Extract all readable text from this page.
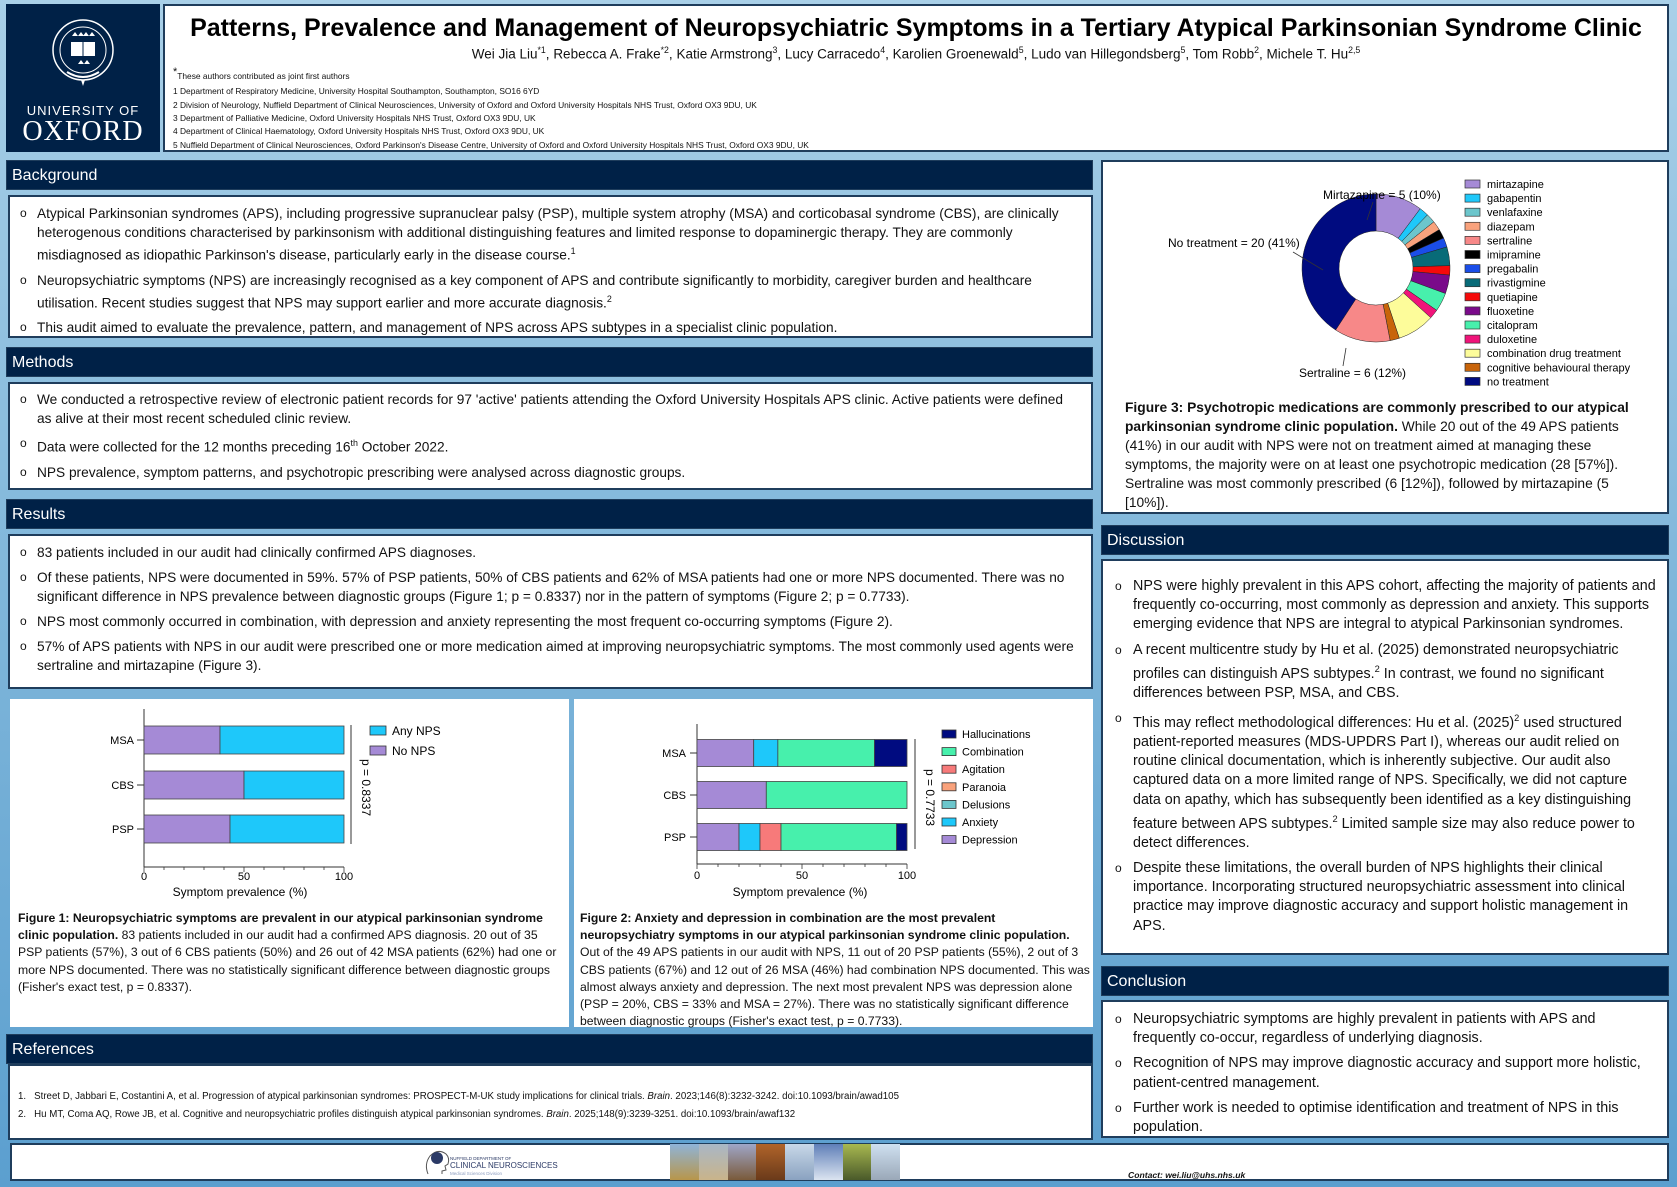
UNIVERSITY OF
OXFORD
Patterns, Prevalence and Management of Neuropsychiatric Symptoms in a Tertiary Atypical Parkinsonian Syndrome Clinic
Wei Jia Liu$^{*1}$, Rebecca A. Frake$^{*2}$, Katie Armstrong$^3$, Lucy Carracedo$^4$, Karolien Groenewald$^5$, Ludo van Hillegondsberg$^5$, Tom Robb$^2$, Michele T. Hu$^{2,5}$
*These authors contributed as joint first authors
1 Department of Respiratory Medicine, University Hospital Southampton, Southampton, SO16 6YD
2 Division of Neurology, Nuffield Department of Clinical Neurosciences, University of Oxford and Oxford University Hospitals NHS Trust, Oxford OX3 9DU, UK
3 Department of Palliative Medicine, Oxford University Hospitals NHS Trust, Oxford OX3 9DU, UK
4 Department of Clinical Haematology, Oxford University Hospitals NHS Trust, Oxford OX3 9DU, UK
5 Nuffield Department of Clinical Neurosciences, Oxford Parkinson's Disease Centre, University of Oxford and Oxford University Hospitals NHS Trust, Oxford OX3 9DU, UK
Background
o Atypical Parkinsonian syndromes (APS), including progressive supranuclear palsy (PSP), multiple system atrophy (MSA) and corticobasal syndrome (CBS), are clinically heterogenous conditions characterised by parkinsonism with additional distinguishing features and limited response to dopaminergic therapy. They are commonly misdiagnosed as idiopathic Parkinson's disease, particularly early in the disease course.$^1$
o Neuropsychiatric symptoms (NPS) are increasingly recognised as a key component of APS and contribute significantly to morbidity, caregiver burden and healthcare utilisation. Recent studies suggest that NPS may support earlier and more accurate diagnosis.$^2$
o This audit aimed to evaluate the prevalence, pattern, and management of NPS across APS subtypes in a specialist clinic population.
Methods
o We conducted a retrospective review of electronic patient records for 97 'active' patients attending the Oxford University Hospitals APS clinic. Active patients were defined as alive at their most recent scheduled clinic review.
o Data were collected for the 12 months preceding 16th October 2022.
o NPS prevalence, symptom patterns, and psychotropic prescribing were analysed across diagnostic groups.
Results
o 83 patients included in our audit had clinically confirmed APS diagnoses.
o Of these patients, NPS were documented in 59%. 57% of PSP patients, 50% of CBS patients and 62% of MSA patients had one or more NPS documented. There was no significant difference in NPS prevalence between diagnostic groups (Figure 1; p = 0.8337) nor in the pattern of symptoms (Figure 2; p = 0.7733).
o NPS most commonly occurred in combination, with depression and anxiety representing the most frequent co-occurring symptoms (Figure 2).
o 57% of APS patients with NPS in our audit were prescribed one or more medication aimed at improving neuropsychiatric symptoms. The most commonly used agents were sertraline and mirtazapine (Figure 3).
MSA
CBS
PSP
0	50	100
Symptom prevalence (%)
p = 0.8337
Any NPS
No NPS
Figure 1: Neuropsychiatric symptoms are prevalent in our atypical parkinsonian syndrome clinic population. 83 patients included in our audit had a confirmed APS diagnosis. 20 out of 35 PSP patients (57%), 3 out of 6 CBS patients (50%) and 26 out of 42 MSA patients (62%) had one or more NPS documented. There was no statistically significant difference between diagnostic groups (Fisher's exact test, p = 0.8337).
MSA
CBS
PSP
0	50	100
Symptom prevalence (%)
p = 0.7733
Hallucinations
Combination
Agitation
Paranoia
Delusions
Anxiety
Depression
Figure 2: Anxiety and depression in combination are the most prevalent neuropsychiatry symptoms in our atypical parkinsonian syndrome clinic population. Out of the 49 APS patients in our audit with NPS, 11 out of 20 PSP patients (55%), 2 out of 3 CBS patients (67%) and 12 out of 26 MSA (46%) had combination NPS documented. This was almost always anxiety and depression. The next most prevalent NPS was depression alone (PSP = 20%, CBS = 33% and MSA = 27%). There was no statistically significant difference between diagnostic groups (Fisher's exact test, p = 0.7733).
Mirtazapine = 5 (10%)
No treatment = 20 (41%)
Sertraline = 6 (12%)
mirtazapine
gabapentin
venlafaxine
diazepam
sertraline
imipramine
pregabalin
rivastigmine
quetiapine
fluoxetine
citalopram
duloxetine
combination drug treatment
cognitive behavioural therapy
no treatment
Figure 3: Psychotropic medications are commonly prescribed to our atypical parkinsonian syndrome clinic population. While 20 out of the 49 APS patients (41%) in our audit with NPS were not on treatment aimed at managing these symptoms, the majority were on at least one psychotropic medication (28 [57%]). Sertraline was most commonly prescribed (6 [12%]), followed by mirtazapine (5 [10%]).
Discussion
o NPS were highly prevalent in this APS cohort, affecting the majority of patients and frequently co-occurring, most commonly as depression and anxiety. This supports emerging evidence that NPS are integral to atypical Parkinsonian syndromes.
o A recent multicentre study by Hu et al. (2025) demonstrated neuropsychiatric profiles can distinguish APS subtypes.$^2$ In contrast, we found no significant differences between PSP, MSA, and CBS.
o This may reflect methodological differences: Hu et al. $(2025)^2$ used structured patient-reported measures (MDS-UPDRS Part I), whereas our audit relied on routine clinical documentation, which is inherently subjective. Our audit also captured data on a more limited range of NPS. Specifically, we did not capture data on apathy, which has subsequently been identified as a key distinguishing feature between APS subtypes.$^2$ Limited sample size may also reduce power to detect differences.
o Despite these limitations, the overall burden of NPS highlights their clinical importance. Incorporating structured neuropsychiatric assessment into clinical practice may improve diagnostic accuracy and support holistic management in APS.
Conclusion
o Neuropsychiatric symptoms are highly prevalent in patients with APS and frequently co-occur, regardless of underlying diagnosis.
o Recognition of NPS may improve diagnostic accuracy and support more holistic, patient-centred management.
o Further work is needed to optimise identification and treatment of NPS in this population.
References
1. Street D, Jabbari E, Costantini A, et al. Progression of atypical parkinsonian syndromes: PROSPECT-M-UK study implications for clinical trials. Brain. 2023;146(8):3232-3242. doi:10.1093/brain/awad105
2. Hu MT, Coma AQ, Rowe JB, et al. Cognitive and neuropsychiatric profiles distinguish atypical parkinsonian syndromes. Brain. 2025;148(9):3239-3251. doi:10.1093/brain/awaf132
NUFFIELD DEPARTMENT OF
CLINICAL NEUROSCIENCES
Medical Sciences Division	Contact: wei.liu@uhs.nhs.uk
